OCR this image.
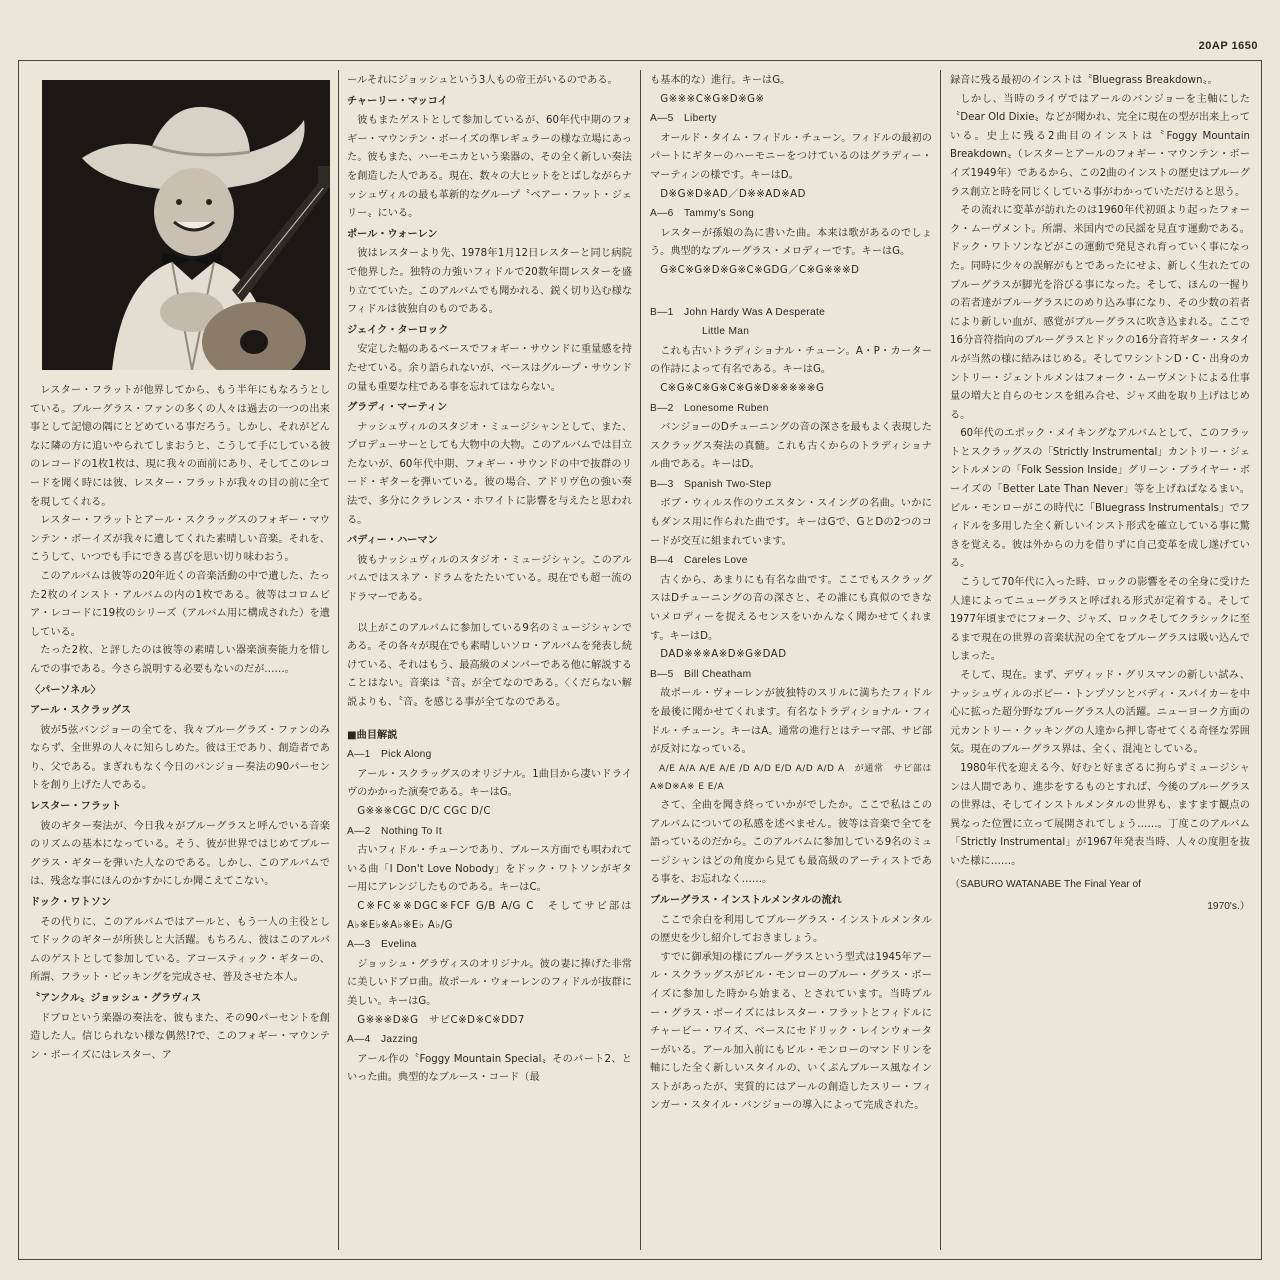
20AP 1650

レスター・フラットが他界してから、もう半年にもなろうとしている。ブルーグラス・ファンの多くの人々は過去の一つの出来事として記憶の隅にとどめている事だろう。しかし、それがどんなに隣の方に追いやられてしまおうと、こうして手にしている彼のレコードの1枚1枚は、現に我々の面前にあり、そしてこのレコードを聞く時には彼、レスター・フラットが我々の目の前に全てを現してくれる。

レスター・フラットとアール・スクラッグスのフォギー・マウンテン・ボーイズが我々に遺してくれた素晴しい音楽。それを、こうして、いつでも手にできる喜びを思い切り味わおう。

このアルバムは彼等の20年近くの音楽活動の中で遺した、たった2枚のインスト・アルバムの内の1枚である。彼等はコロムビア・レコードに19枚のシリーズ（アルバム用に構成された）を遺している。

たった2枚、と評したのは彼等の素晴しい器楽演奏能力を惜しんでの事である。今さら説明する必要もないのだが……。

〈パーソネル〉

アール・スクラッグス

彼が5弦バンジョーの全てを、我々ブルーグラズ・ファンのみならず、全世界の人々に知らしめた。彼は王であり、創造者であり、父である。まぎれもなく今日のバンジョー奏法の90パーセントを創り上げた人である。

レスター・フラット

彼のギター奏法が、今日我々がブルーグラスと呼んでいる音楽のリズムの基本になっている。そう、彼が世界ではじめてブルーグラス・ギターを弾いた人なのである。しかし、このアルバムでは、残念な事にほんのかすかにしか聞こえてこない。

ドック・ワトソン

その代りに、このアルバムではアールと、もう一人の主役としてドックのギターが所狭しと大活躍。もちろん、彼はこのアルバムのゲストとして参加している。アコースティック・ギターの、所謂、フラット・ピッキングを完成させ、普及させた本人。

〝アンクル〟ジョッシュ・グラヴィス

ドブロという楽器の奏法を、彼もまた、その90パーセントを創造した人。信じられない様な偶然!?で、このフォギー・マウンテン・ボーイズにはレスター、ア

ールそれにジョッシュという3人もの帝王がいるのである。

チャーリー・マッコイ

彼もまたゲストとして参加しているが、60年代中期のフォギー・マウンテン・ボーイズの準レギュラーの様な立場にあった。彼もまた、ハーモニカという楽器の、その全く新しい奏法を創造した人である。現在、数々の大ヒットをとばしながらナッシュヴィルの最も革新的なグループ〝ベアー・フット・ジェリー〟にいる。

ポール・ウォーレン

彼はレスターより先、1978年1月12日レスターと同じ病院で他界した。独特の力強いフィドルで20数年間レスターを盛り立てていた。このアルバムでも聞かれる、鋭く切り込む様なフィドルは彼独自のものである。

ジェイク・ターロック

安定した幅のあるベースでフォギー・サウンドに重量感を持たせている。余り語られないが、ベースはグループ・サウンドの量も重要な柱である事を忘れてはならない。

グラディ・マーティン

ナッシュヴィルのスタジオ・ミュージシャンとして、また、プロデューサーとしても大物中の大物。このアルバムでは目立たないが、60年代中期、フォギー・サウンドの中で抜群のリード・ギターを弾いている。彼の場合、アドリヴ色の強い奏法で、多分にクラレンス・ホワイトに影響を与えたと思われる。

バディー・ハーマン

彼もナッシュヴィルのスタジオ・ミュージシャン。このアルバムではスネア・ドラムをたたいている。現在でも超一流のドラマーである。

以上がこのアルバムに参加している9名のミュージシャンである。その各々が現在でも素晴しいソロ・アルバムを発表し続けている、それはもう、最高級のメンバーである他に解説することはない。音楽は〝音〟が全てなのである。〈くだらない解説よりも、〝音〟を感じる事が全てなのである。

■曲目解説

A—1　Pick Along

アール・スクラッグスのオリジナル。1曲目から凄いドライヴのかかった演奏である。キーはG。

G※※※CGC D/C CGC D/C

A—2　Nothing To It

古いフィドル・チューンであり、ブルース方面でも唄われている曲「I Don't Love Nobody」をドック・ワトソンがギター用にアレンジしたものである。キーはC。

C※FC※※DGC※FCF G/B A/G C　そしてサビ部は A♭※E♭※A♭※E♭ A♭/G

A—3　Evelina

ジョッシュ・グラヴィスのオリジナル。彼の妻に捧げた非常に美しいドブロ曲。故ポール・ウォーレンのフィドルが抜群に美しい。キーはG。

G※※※D※G　サビC※D※C※DD7

A—4　Jazzing

アール作の〝Foggy Mountain Special〟そのパート2、といった曲。典型的なブルース・コード（最

も基本的な）進行。キーはG。

G※※※C※G※D※G※

A—5　Liberty

オールド・タイム・フィドル・チューン。フィドルの最初のパートにギターのハーモニーをつけているのはグラディー・マーティンの様です。キーはD。

D※G※D※AD／D※※AD※AD

A—6　Tammy's Song

レスターが孫娘の為に書いた曲。本来は歌があるのでしょう。典型的なブルーグラス・メロディーです。キーはG。

G※C※G※D※G※C※GDG／C※G※※※D

B—1　John Hardy Was A Desperate

Little Man

これも古いトラディショナル・チューン。A・P・カーターの作詩によって有名である。キーはG。

C※G※C※G※C※G※D※※※※※G

B—2　Lonesome Ruben

バンジョーのDチューニングの音の深さを最もよく表現したスクラッグス奏法の真髄。これも古くからのトラディショナル曲である。キーはD。

B—3　Spanish Two-Step

ボブ・ウィルス作のウエスタン・スイングの名曲。いかにもダンス用に作られた曲です。キーはGで、GとDの2つのコードが交互に組まれています。

B—4　Careles Love

古くから、あまりにも有名な曲です。ここでもスクラッグスはDチューニングの音の深さと、その誰にも真似のできないメロディーを捉えるセンスをいかんなく聞かせてくれます。キーはD。

DAD※※※A※D※G※DAD

B—5　Bill Cheatham

故ポール・ヴォーレンが彼独特のスリルに満ちたフィドルを最後に聞かせてくれます。有名なトラディショナル・フィドル・チューン。キーはA。通常の進行とはテーマ部、サビ部が反対になっている。

A/E A/A A/E A/E /D A/D E/D A/D A/D A　が通常　サビ部はA※D※A※ E E/A

さて、全曲を聞き終っていかがでしたか。ここで私はこのアルバムについての私感を述べません。彼等は音楽で全てを語っているのだから。このアルバムに参加している9名のミュージシャンはどの角度から見ても最高級のアーティストである事を、お忘れなく……。

ブルーグラス・インストルメンタルの流れ

ここで余白を利用してブルーグラス・インストルメンタルの歴史を少し紹介しておきましょう。

すでに御承知の様にブルーグラスという型式は1945年アール・スクラッグスがビル・モンローのブルー・グラス・ボーイズに参加した時から始まる、とされています。当時ブルー・グラス・ボーイズにはレスター・フラットとフィドルにチャービー・ワイズ、ベースにセドリック・レインウォーターがいる。アール加入前にもビル・モンローのマンドリンを軸にした全く新しいスタイルの、いくぶんブルース風なインストがあったが、実質的にはアールの創造したスリー・フィンガー・スタイル・バンジョーの導入によって完成された。

録音に残る最初のインストは〝Bluegrass Breakdown〟。

しかし、当時のライヴではアールのバンジョーを主軸にした〝Dear Old Dixie〟などが聞かれ、完全に現在の型が出来上っている。史上に残る2曲目のインストは〝Foggy Mountain Breakdown〟（レスターとアールのフォギー・マウンテン・ボーイズ1949年）であるから、この2曲のインストの歴史はブルーグラス創立と時を同じくしている事がわかっていただけると思う。

その流れに変革が訪れたのは1960年代初頭より起ったフォーク・ムーヴメント。所謂、米国内での民謡を見直す運動である。ドック・ワトソンなどがこの運動で発見され育っていく事になった。同時に少々の誤解がもとであったにせよ、新しく生れたてのブルーグラスが脚光を浴びる事になった。そして、ほんの一握りの若者達がブルーグラスにのめり込み事になり、その少数の若者により新しい血が、感覚がブルーグラスに吹き込まれる。ここで16分音符指向のブルーグラスとドックの16分音符ギター・スタイルが当然の様に結みはじめる。そしてワシントンD・C・出身のカントリー・ジェントルメンはフォーク・ムーヴメントによる仕事量の増大と自らのセンスを組み合せ、ジャズ曲を取り上げはじめる。

60年代のエポック・メイキングなアルバムとして、このフラットとスクラッグスの「Strictly Instrumental」カントリー・ジェントルメンの「Folk Session Inside」グリーン・ブライヤー・ボーイズの「Better Late Than Never」等を上げねばなるまい。ビル・モンローがこの時代に「Bluegrass Instrumentals」でフィドルを多用した全く新しいインスト形式を確立している事に驚きを覚える。彼は外からの力を借りずに自己変革を成し遂げている。

こうして70年代に入った時、ロックの影響をその全身に受けた人達によってニューグラスと呼ばれる形式が定着する。そして1977年頃までにフォーク、ジャズ、ロックそしてクラシックに至るまで現在の世界の音楽状況の全てをブルーグラスは吸い込んでしまった。

そして、現在。まず、デヴィッド・グリスマンの新しい試み、ナッシュヴィルのボビー・トンプソンとバディ・スパイカーを中心に拡った超分野なブルーグラス人の活躍。ニューヨーク方面の元カントリー・クッキングの人達から押し寄せてくる奇怪な雰囲気。現在のブルーグラス界は、全く、混沌としている。

1980年代を迎える今、好むと好まざるに拘らずミュージシャンは人間であり、進歩をするものとすれば、今後のブルーグラスの世界は、そしてインストルメンタルの世界も、ますます観点の異なった位置に立って展開されてしょう……。丁度このアルバム「Strictly Instrumental」が1967年発表当時、人々の度胆を抜いた様に……。

（SABURO WATANABE The Final Year of

1970's.）
